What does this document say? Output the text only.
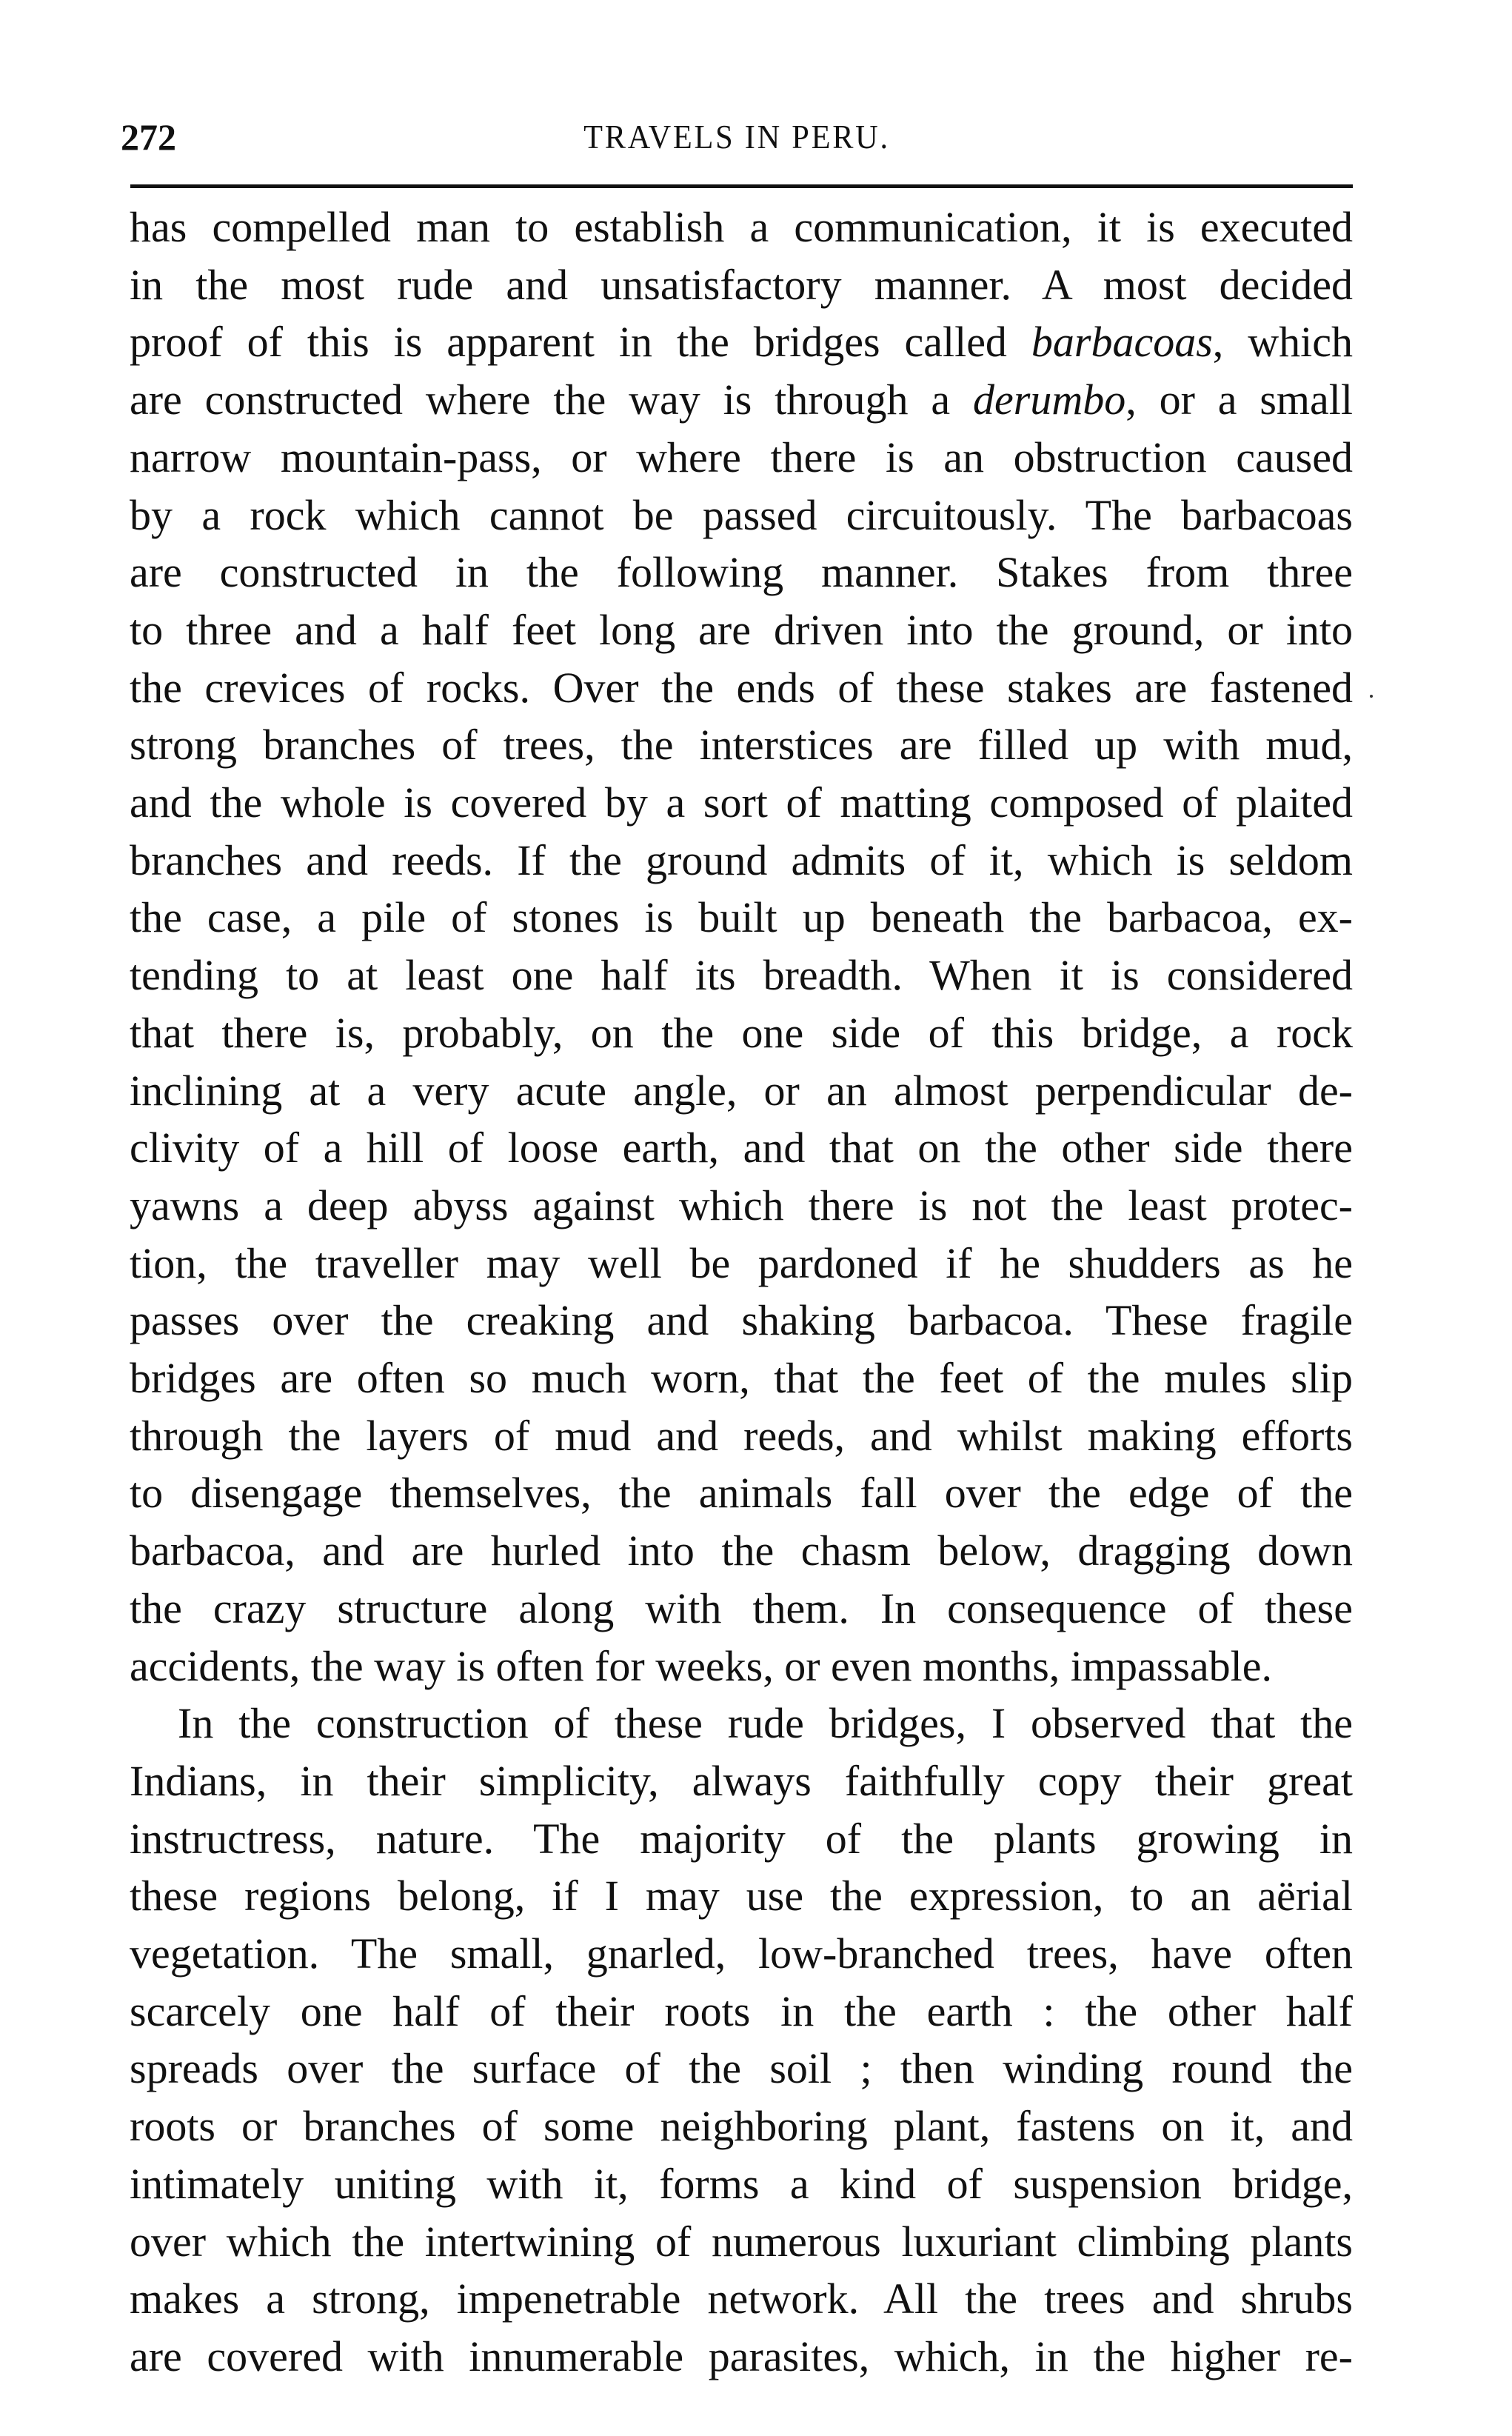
272	TRAVELS IN PERU.
has compelled man to establish a communication, it is executed
in the most rude and unsatisfactory manner. A most decided
proof of this is apparent in the bridges called barbacoas, which
are constructed where the way is through a derumbo, or a small
narrow mountain-pass, or where there is an obstruction caused
by a rock which cannot be passed circuitously. The barbacoas
are constructed in the following manner. Stakes from three
to three and a half feet long are driven into the ground, or into
the crevices of rocks. Over the ends of these stakes are fastened
strong branches of trees, the interstices are filled up with mud,
and the whole is covered by a sort of matting composed of plaited
branches and reeds. If the ground admits of it, which is seldom
the case, a pile of stones is built up beneath the barbacoa, ex-
tending to at least one half its breadth. When it is considered
that there is, probably, on the one side of this bridge, a rock
inclining at a very acute angle, or an almost perpendicular de-
clivity of a hill of loose earth, and that on the other side there
yawns a deep abyss against which there is not the least protec-
tion, the traveller may well be pardoned if he shudders as he
passes over the creaking and shaking barbacoa. These fragile
bridges are often so much worn, that the feet of the mules slip
through the layers of mud and reeds, and whilst making efforts
to disengage themselves, the animals fall over the edge of the
barbacoa, and are hurled into the chasm below, dragging down
the crazy structure along with them. In consequence of these
accidents, the way is often for weeks, or even months, impassable.
In the construction of these rude bridges, I observed that the
Indians, in their simplicity, always faithfully copy their great
instructress, nature. The majority of the plants growing in
these regions belong, if I may use the expression, to an aërial
vegetation. The small, gnarled, low-branched trees, have often
scarcely one half of their roots in the earth : the other half
spreads over the surface of the soil ; then winding round the
roots or branches of some neighboring plant, fastens on it, and
intimately uniting with it, forms a kind of suspension bridge,
over which the intertwining of numerous luxuriant climbing plants
makes a strong, impenetrable network. All the trees and shrubs
are covered with innumerable parasites, which, in the higher re-
